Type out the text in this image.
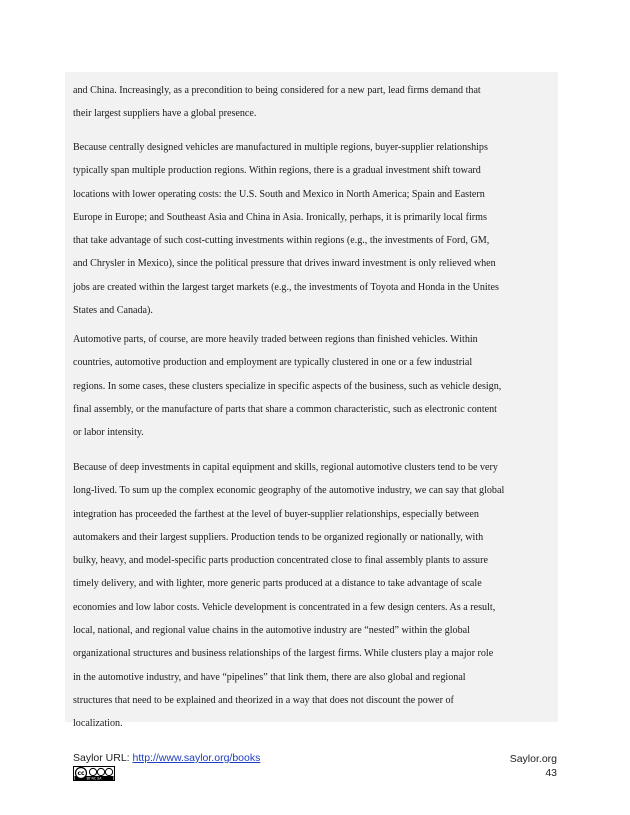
and China. Increasingly, as a precondition to being considered for a new part, lead firms demand that
their largest suppliers have a global presence.
Because centrally designed vehicles are manufactured in multiple regions, buyer-supplier relationships
typically span multiple production regions. Within regions, there is a gradual investment shift toward
locations with lower operating costs: the U.S. South and Mexico in North America; Spain and Eastern
Europe in Europe; and Southeast Asia and China in Asia. Ironically, perhaps, it is primarily local firms
that take advantage of such cost-cutting investments within regions (e.g., the investments of Ford, GM,
and Chrysler in Mexico), since the political pressure that drives inward investment is only relieved when
jobs are created within the largest target markets (e.g., the investments of Toyota and Honda in the Unites
States and Canada).
Automotive parts, of course, are more heavily traded between regions than finished vehicles. Within
countries, automotive production and employment are typically clustered in one or a few industrial
regions. In some cases, these clusters specialize in specific aspects of the business, such as vehicle design,
final assembly, or the manufacture of parts that share a common characteristic, such as electronic content
or labor intensity.
Because of deep investments in capital equipment and skills, regional automotive clusters tend to be very
long-lived. To sum up the complex economic geography of the automotive industry, we can say that global
integration has proceeded the farthest at the level of buyer-supplier relationships, especially between
automakers and their largest suppliers. Production tends to be organized regionally or nationally, with
bulky, heavy, and model-specific parts production concentrated close to final assembly plants to assure
timely delivery, and with lighter, more generic parts produced at a distance to take advantage of scale
economies and low labor costs. Vehicle development is concentrated in a few design centers. As a result,
local, national, and regional value chains in the automotive industry are “nested” within the global
organizational structures and business relationships of the largest firms. While clusters play a major role
in the automotive industry, and have “pipelines” that link them, there are also global and regional
structures that need to be explained and theorized in a way that does not discount the power of
localization.
Saylor URL: http://www.saylor.org/books
cc
BY NC SA
Saylor.org
43
